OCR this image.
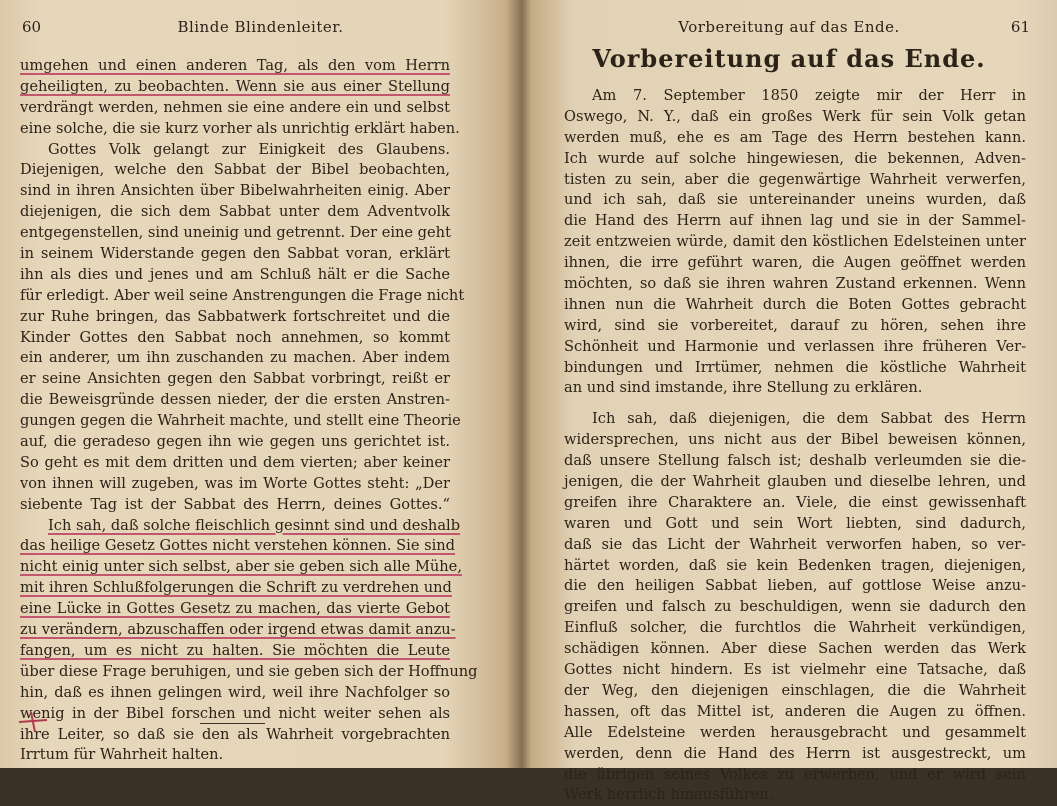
60	Blinde Blindenleiter.
umgehen und einen anderen Tag, als den vom Herrn
geheiligten, zu beobachten. Wenn sie aus einer Stellung
verdrängt werden, nehmen sie eine andere ein und selbst
eine solche, die sie kurz vorher als unrichtig erklärt haben.
Gottes Volk gelangt zur Einigkeit des Glaubens.
Diejenigen, welche den Sabbat der Bibel beobachten,
sind in ihren Ansichten über Bibelwahrheiten einig. Aber
diejenigen, die sich dem Sabbat unter dem Adventvolk
entgegenstellen, sind uneinig und getrennt. Der eine geht
in seinem Widerstande gegen den Sabbat voran, erklärt
ihn als dies und jenes und am Schluß hält er die Sache
für erledigt. Aber weil seine Anstrengungen die Frage nicht
zur Ruhe bringen, das Sabbatwerk fortschreitet und die
Kinder Gottes den Sabbat noch annehmen, so kommt
ein anderer, um ihn zuschanden zu machen. Aber indem
er seine Ansichten gegen den Sabbat vorbringt, reißt er
die Beweisgründe dessen nieder, der die ersten Anstren-
gungen gegen die Wahrheit machte, und stellt eine Theorie
auf, die geradeso gegen ihn wie gegen uns gerichtet ist.
So geht es mit dem dritten und dem vierten; aber keiner
von ihnen will zugeben, was im Worte Gottes steht: „Der
siebente Tag ist der Sabbat des Herrn, deines Gottes.“
Ich sah, daß solche fleischlich gesinnt sind und deshalb
das heilige Gesetz Gottes nicht verstehen können. Sie sind
nicht einig unter sich selbst, aber sie geben sich alle Mühe,
mit ihren Schlußfolgerungen die Schrift zu verdrehen und
eine Lücke in Gottes Gesetz zu machen, das vierte Gebot
zu verändern, abzuschaffen oder irgend etwas damit anzu-
fangen, um es nicht zu halten. Sie möchten die Leute
über diese Frage beruhigen, und sie geben sich der Hoffnung
hin, daß es ihnen gelingen wird, weil ihre Nachfolger so
wenig in der Bibel forschen und nicht weiter sehen als
ihre Leiter, so daß sie den als Wahrheit vorgebrachten
Irrtum für Wahrheit halten.
61
Vorbereitung auf das Ende.
Vorbereitung auf das Ende.
Am 7. September 1850 zeigte mir der Herr in
Oswego, N. Y., daß ein großes Werk für sein Volk getan
werden muß, ehe es am Tage des Herrn bestehen kann.
Ich wurde auf solche hingewiesen, die bekennen, Adven-
tisten zu sein, aber die gegenwärtige Wahrheit verwerfen,
und ich sah, daß sie untereinander uneins wurden, daß
die Hand des Herrn auf ihnen lag und sie in der Sammel-
zeit entzweien würde, damit den köstlichen Edelsteinen unter
ihnen, die irre geführt waren, die Augen geöffnet werden
möchten, so daß sie ihren wahren Zustand erkennen. Wenn
ihnen nun die Wahrheit durch die Boten Gottes gebracht
wird, sind sie vorbereitet, darauf zu hören, sehen ihre
Schönheit und Harmonie und verlassen ihre früheren Ver-
bindungen und Irrtümer, nehmen die köstliche Wahrheit
an und sind imstande, ihre Stellung zu erklären.
Ich sah, daß diejenigen, die dem Sabbat des Herrn
widersprechen, uns nicht aus der Bibel beweisen können,
daß unsere Stellung falsch ist; deshalb verleumden sie die-
jenigen, die der Wahrheit glauben und dieselbe lehren, und
greifen ihre Charaktere an. Viele, die einst gewissenhaft
waren und Gott und sein Wort liebten, sind dadurch,
daß sie das Licht der Wahrheit verworfen haben, so ver-
härtet worden, daß sie kein Bedenken tragen, diejenigen,
die den heiligen Sabbat lieben, auf gottlose Weise anzu-
greifen und falsch zu beschuldigen, wenn sie dadurch den
Einfluß solcher, die furchtlos die Wahrheit verkündigen,
schädigen können. Aber diese Sachen werden das Werk
Gottes nicht hindern. Es ist vielmehr eine Tatsache, daß
der Weg, den diejenigen einschlagen, die die Wahrheit
hassen, oft das Mittel ist, anderen die Augen zu öffnen.
Alle Edelsteine werden herausgebracht und gesammelt
werden, denn die Hand des Herrn ist ausgestreckt, um
die übrigen seines Volkes zu erwerben, und er wird sein
Werk herrlich hinausführen.
